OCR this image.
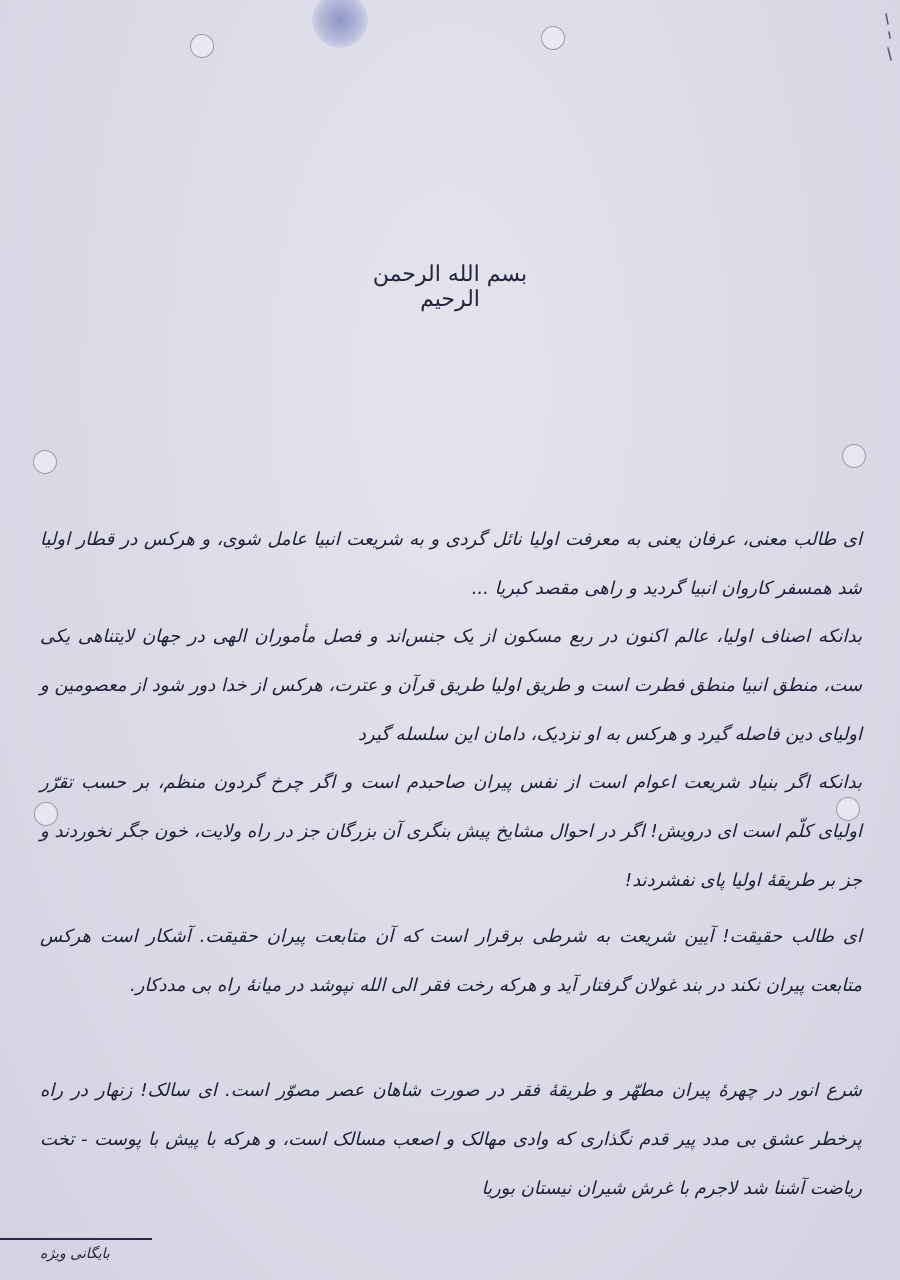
بسم الله الرحمن الرحیم

ای طالب معنی، عرفان یعنی به معرفت اولیا نائل گردی و به شریعت انبیا عامل شوی، و هرکس در قطار اولیا شد همسفر کاروان انبیا گردید و راهی مقصد کبریا ...

بدانکه اصناف اولیا، عالم اکنون در ربع مسکون از یک جنس‌اند و فصل مأموران الهی در جهان لایتناهی یکی ست، منطق انبیا منطق فطرت است و طریق اولیا طریق قرآن و عترت، هرکس از خدا دور شود از معصومین و اولیای دین فاصله گیرد و هرکس به او نزدیک، دامان این سلسله گیرد

بدانکه اگر بنیاد شریعت اعوام است از نفس پیران صاحبدم است و اگر چرخ گردون منظم، بر حسب تقرّر اولیای کلّم است ای درویش! اگر در احوال مشایخ پیش بنگری آن بزرگان جز در راه ولایت، خون جگر نخوردند و جز بر طریقهٔ اولیا پای نفشردند!

ای طالب حقیقت! آیین شریعت به شرطی برقرار است که آن متابعت پیران حقیقت. آشکار است هرکس متابعت پیران نکند در بند غولان گرفتار آید و هرکه رخت فقر الی الله نپوشد در میانهٔ راه بی مددکار.

شرع انور در چهرهٔ پیران مطهّر و طریقهٔ فقر در صورت شاهان عصر مصوّر است. ای سالک! زنهار در راه پرخطر عشق بی مدد پیر قدم نگذاری که وادی مهالک و اصعب مسالک است، و هرکه با پیش با پوست - تخت ریاضت آشنا شد لاجرم با غرش شیران نیستان بوریا

بایگانی ویژه
